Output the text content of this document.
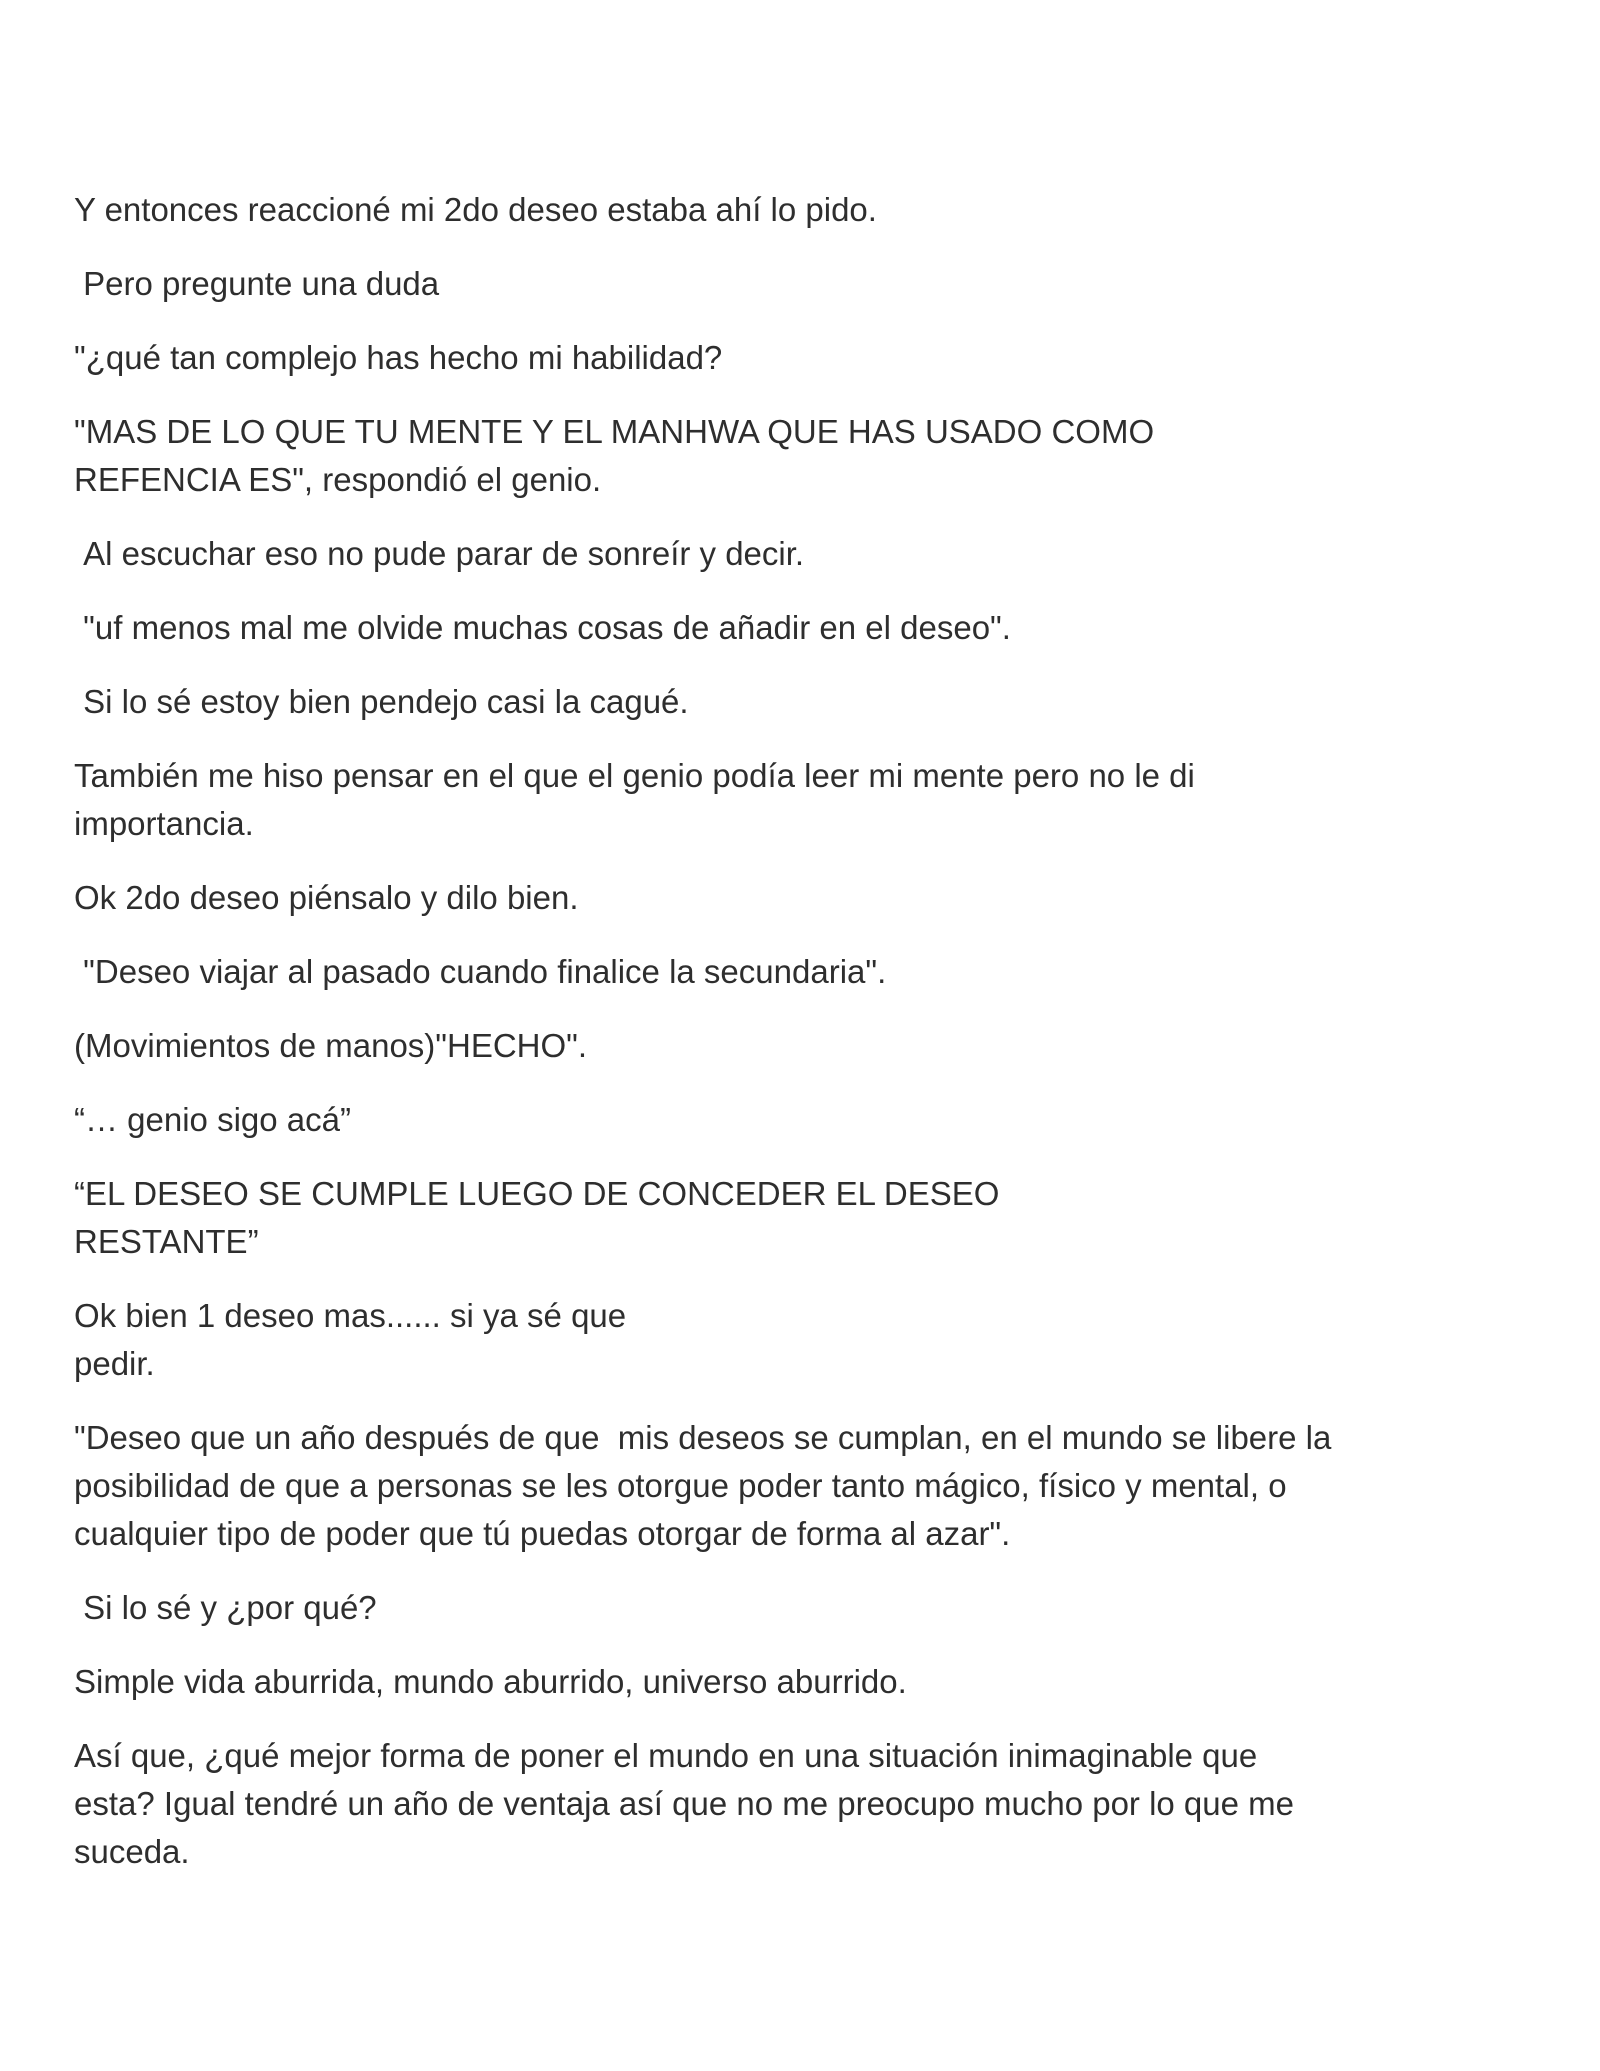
Y entonces reaccioné mi 2do deseo estaba ahí lo pido.

Pero pregunte una duda

"¿qué tan complejo has hecho mi habilidad?

"MAS DE LO QUE TU MENTE Y EL MANHWA QUE HAS USADO COMO
REFENCIA ES", respondió el genio.

Al escuchar eso no pude parar de sonreír y decir.

"uf menos mal me olvide muchas cosas de añadir en el deseo".

Si lo sé estoy bien pendejo casi la cagué.

También me hiso pensar en el que el genio podía leer mi mente pero no le di
importancia.

Ok 2do deseo piénsalo y dilo bien.

"Deseo viajar al pasado cuando finalice la secundaria".

(Movimientos de manos)"HECHO".

“… genio sigo acá”

“EL DESEO SE CUMPLE LUEGO DE CONCEDER EL DESEO
RESTANTE”

Ok bien 1 deseo mas...... si ya sé que
pedir.

"Deseo que un año después de que  mis deseos se cumplan, en el mundo se libere la
posibilidad de que a personas se les otorgue poder tanto mágico, físico y mental, o
cualquier tipo de poder que tú puedas otorgar de forma al azar".

Si lo sé y ¿por qué?

Simple vida aburrida, mundo aburrido, universo aburrido.

Así que, ¿qué mejor forma de poner el mundo en una situación inimaginable que
esta? Igual tendré un año de ventaja así que no me preocupo mucho por lo que me
suceda.
